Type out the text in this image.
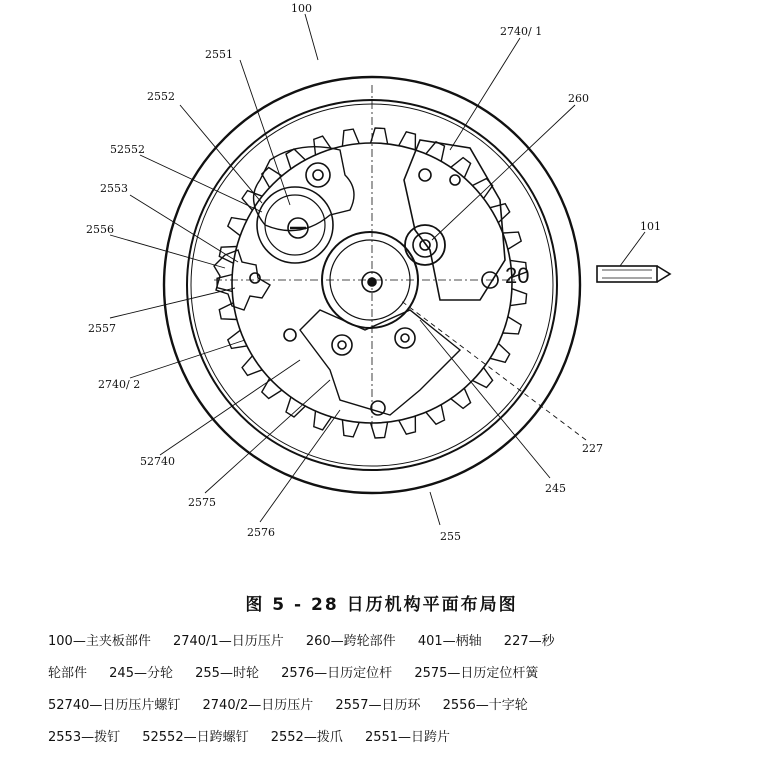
100
2740/ 1
2551
260
2552
52552
2553
2556	101
2557
2740/ 2
52740
227
245
2575
2576	255
20
图 5 - 28 日历机构平面布局图
100—主夹板部件 2740/1—日历压片 260—跨轮部件 401—柄轴 227—秒
轮部件 245—分轮 255—时轮 2576—日历定位杆 2575—日历定位杆簧
52740—日历压片螺钉 2740/2—日历压片 2557—日历环 2556—十字轮
2553—拨钉 52552—日跨螺钉 2552—拨爪 2551—日跨片
